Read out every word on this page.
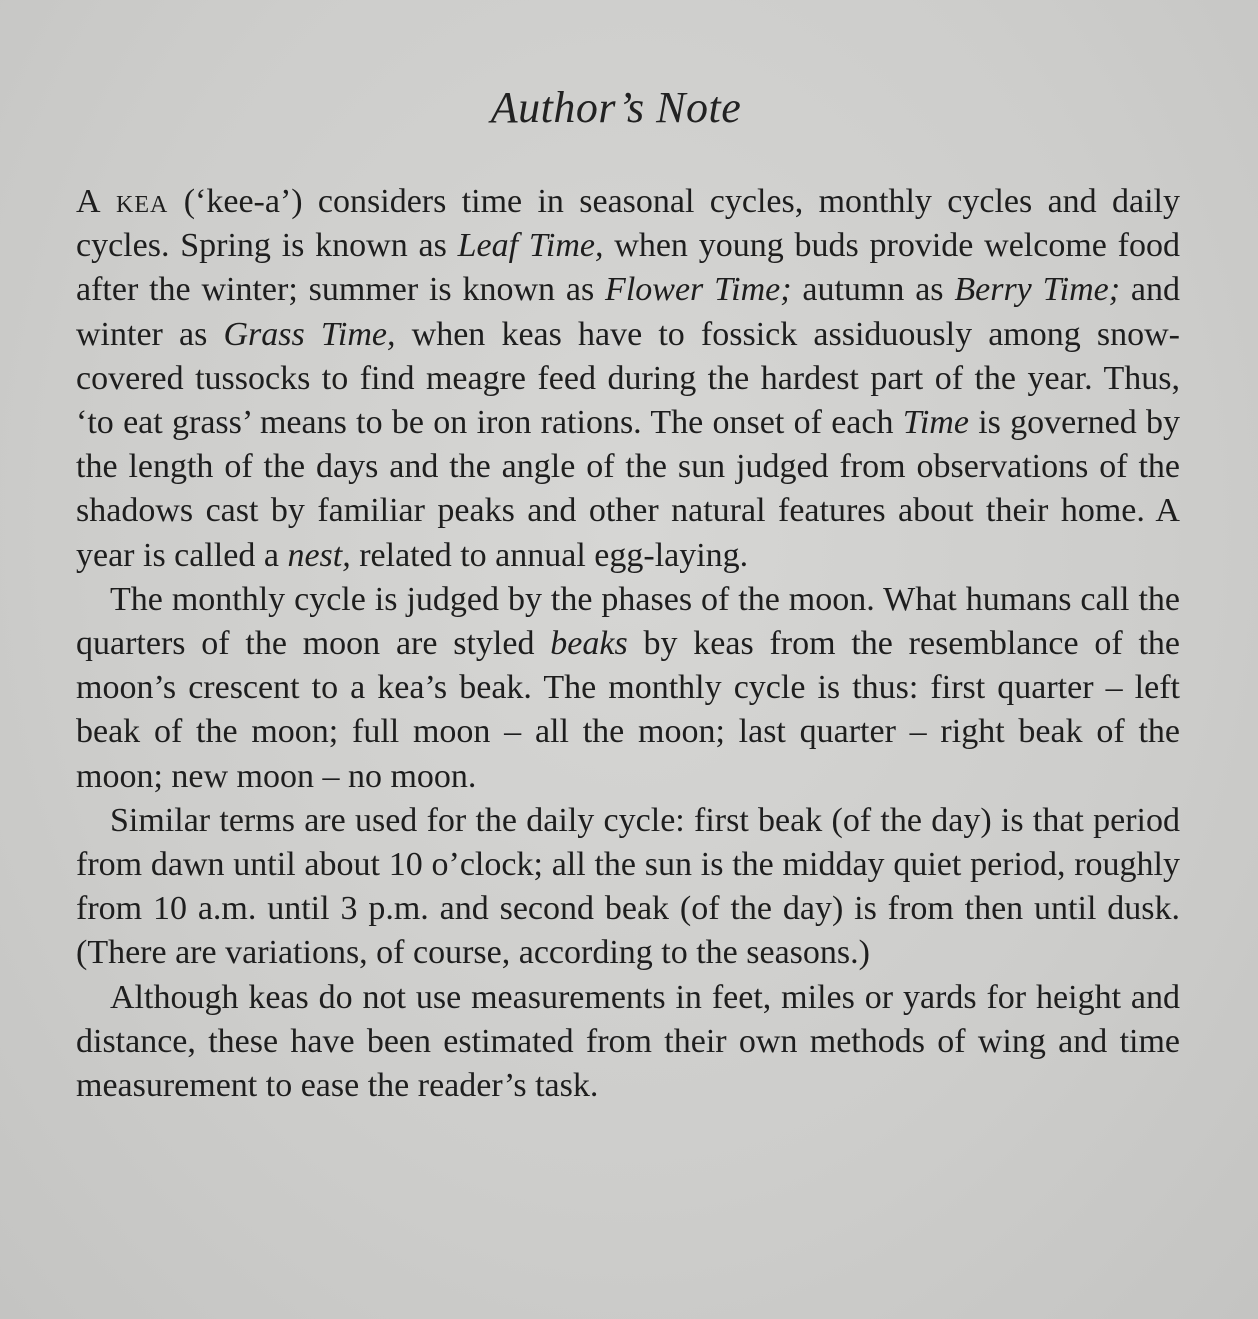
Author’s Note

A kea (‘kee-a’) considers time in seasonal cycles, monthly cycles and daily cycles. Spring is known as Leaf Time, when young buds provide welcome food after the winter; summer is known as Flower Time; autumn as Berry Time; and winter as Grass Time, when keas have to fossick assiduously among snow-covered tussocks to find meagre feed during the hardest part of the year. Thus, ‘to eat grass’ means to be on iron rations. The onset of each Time is governed by the length of the days and the angle of the sun judged from observations of the shadows cast by familiar peaks and other natural features about their home. A year is called a nest, related to annual egg-laying.

The monthly cycle is judged by the phases of the moon. What humans call the quarters of the moon are styled beaks by keas from the resemblance of the moon’s crescent to a kea’s beak. The monthly cycle is thus: first quarter – left beak of the moon; full moon – all the moon; last quarter – right beak of the moon; new moon – no moon.

Similar terms are used for the daily cycle: first beak (of the day) is that period from dawn until about 10 o’clock; all the sun is the midday quiet period, roughly from 10 a.m. until 3 p.m. and second beak (of the day) is from then until dusk. (There are variations, of course, according to the seasons.)

Although keas do not use measurements in feet, miles or yards for height and distance, these have been estimated from their own methods of wing and time measurement to ease the reader’s task.
